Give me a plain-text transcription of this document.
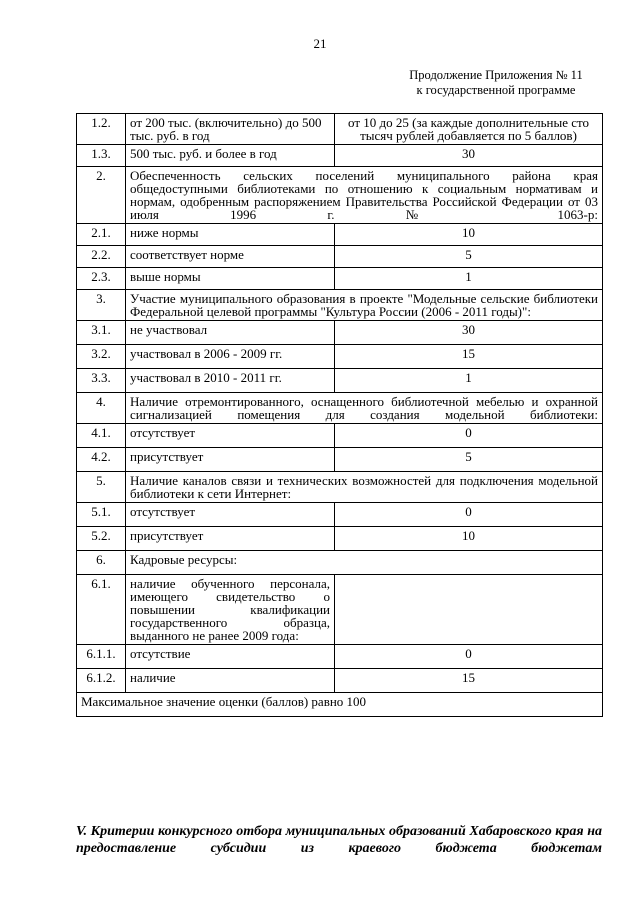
21
Продолжение Приложения № 11
к государственной программе
1.2.	от 200 тыс. (включительно) до 500 тыс. руб. в год	от 10 до 25 (за каждые дополнительные сто тысяч рублей добавляется по 5 баллов)
1.3.	500 тыс. руб. и более в год	30
2.	Обеспеченность сельских поселений муниципального района края общедоступными библиотеками по отношению к социальным нормативам и нормам, одобренным распоряжением Правительства Российской Федерации от 03 июля 1996 г. № 1063-р:	
2.1.	ниже нормы	10
2.2.	соответствует норме	5
2.3.	выше нормы	1
3.	Участие муниципального образования в проекте "Модельные сельские библиотеки Федеральной целевой программы "Культура России (2006 - 2011 годы)":	
3.1.	не участвовал	30
3.2.	участвовал в 2006 - 2009 гг.	15
3.3.	участвовал в 2010 - 2011 гг.	1
4.	Наличие отремонтированного, оснащенного библиотечной мебелью и охранной сигнализацией помещения для создания модельной библиотеки:	
4.1.	отсутствует	0
4.2.	присутствует	5
5.	Наличие каналов связи и технических возможностей для подключения модельной библиотеки к сети Интернет:	
5.1.	отсутствует	0
5.2.	присутствует	10
6.	Кадровые ресурсы:	
6.1.	наличие обученного персонала, имеющего свидетельство о повышении квалификации государственного образца, выданного не ранее 2009 года:	
6.1.1.	отсутствие	0
6.1.2.	наличие	15
Максимальное значение оценки (баллов) равно 100		
V. Критерии конкурсного отбора муниципальных образований Хабаровского края на предоставление субсидии из краевого бюджета бюджетам
